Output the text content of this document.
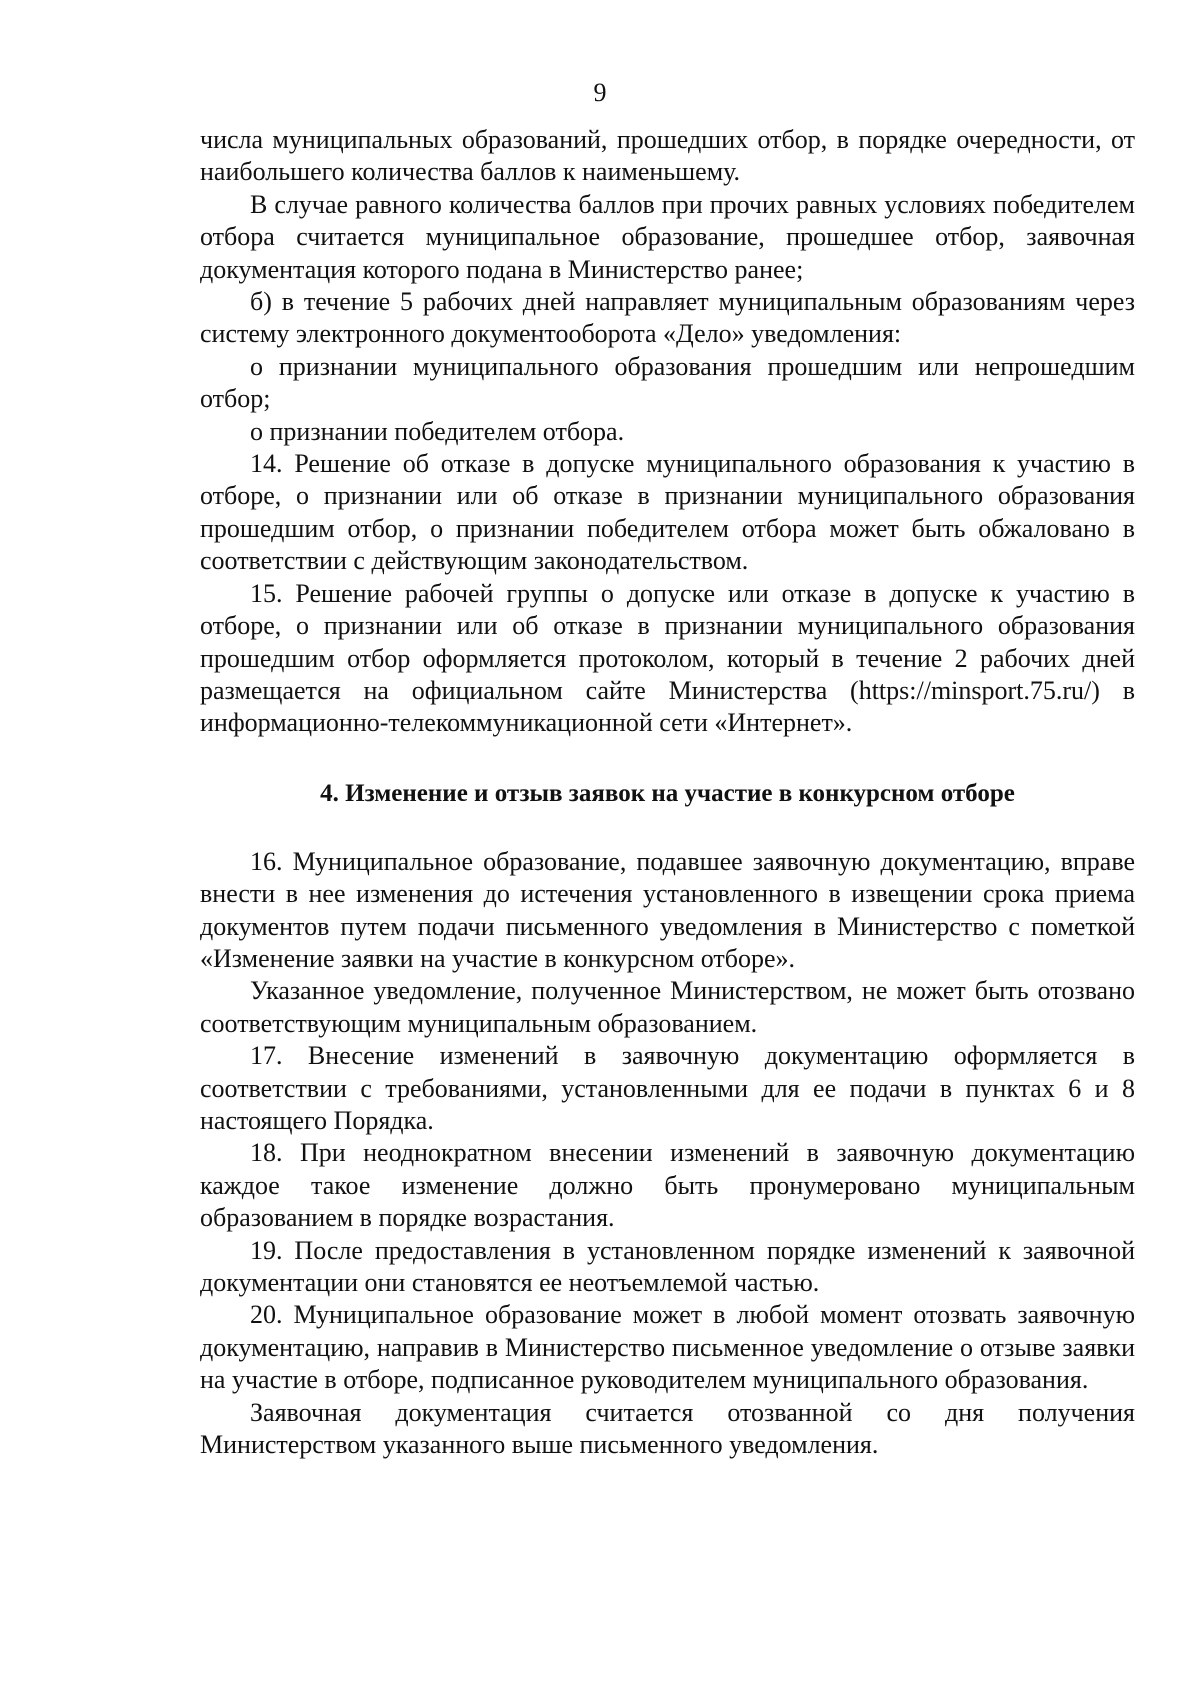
9

числа муниципальных образований, прошедших отбор, в порядке очередности, от наибольшего количества баллов к наименьшему.

В случае равного количества баллов при прочих равных условиях победителем отбора считается муниципальное образование, прошедшее отбор, заявочная документация которого подана в Министерство ранее;

б) в течение 5 рабочих дней направляет муниципальным образованиям через систему электронного документооборота «Дело» уведомления:

о признании муниципального образования прошедшим или непрошедшим отбор;

о признании победителем отбора.

14. Решение об отказе в допуске муниципального образования к участию в отборе, о признании или об отказе в признании муниципального образования прошедшим отбор, о признании победителем отбора может быть обжаловано в соответствии с действующим законодательством.

15. Решение рабочей группы о допуске или отказе в допуске к участию в отборе, о признании или об отказе в признании муниципального образования прошедшим отбор оформляется протоколом, который в течение 2 рабочих дней размещается на официальном сайте Министерства (https://minsport.75.ru/) в информационно-телекоммуникационной сети «Интернет».

4. Изменение и отзыв заявок на участие в конкурсном отборе

16. Муниципальное образование, подавшее заявочную документацию, вправе внести в нее изменения до истечения установленного в извещении срока приема документов путем подачи письменного уведомления в Министерство с пометкой «Изменение заявки на участие в конкурсном отборе».

Указанное уведомление, полученное Министерством, не может быть отозвано соответствующим муниципальным образованием.

17. Внесение изменений в заявочную документацию оформляется в соответствии с требованиями, установленными для ее подачи в пунктах 6 и 8 настоящего Порядка.

18. При неоднократном внесении изменений в заявочную документацию каждое такое изменение должно быть пронумеровано муниципальным образованием в порядке возрастания.

19. После предоставления в установленном порядке изменений к заявочной документации они становятся ее неотъемлемой частью.

20. Муниципальное образование может в любой момент отозвать заявочную документацию, направив в Министерство письменное уведомление о отзыве заявки на участие в отборе, подписанное руководителем муниципального образования.

Заявочная документация считается отозванной со дня получения Министерством указанного выше письменного уведомления.
